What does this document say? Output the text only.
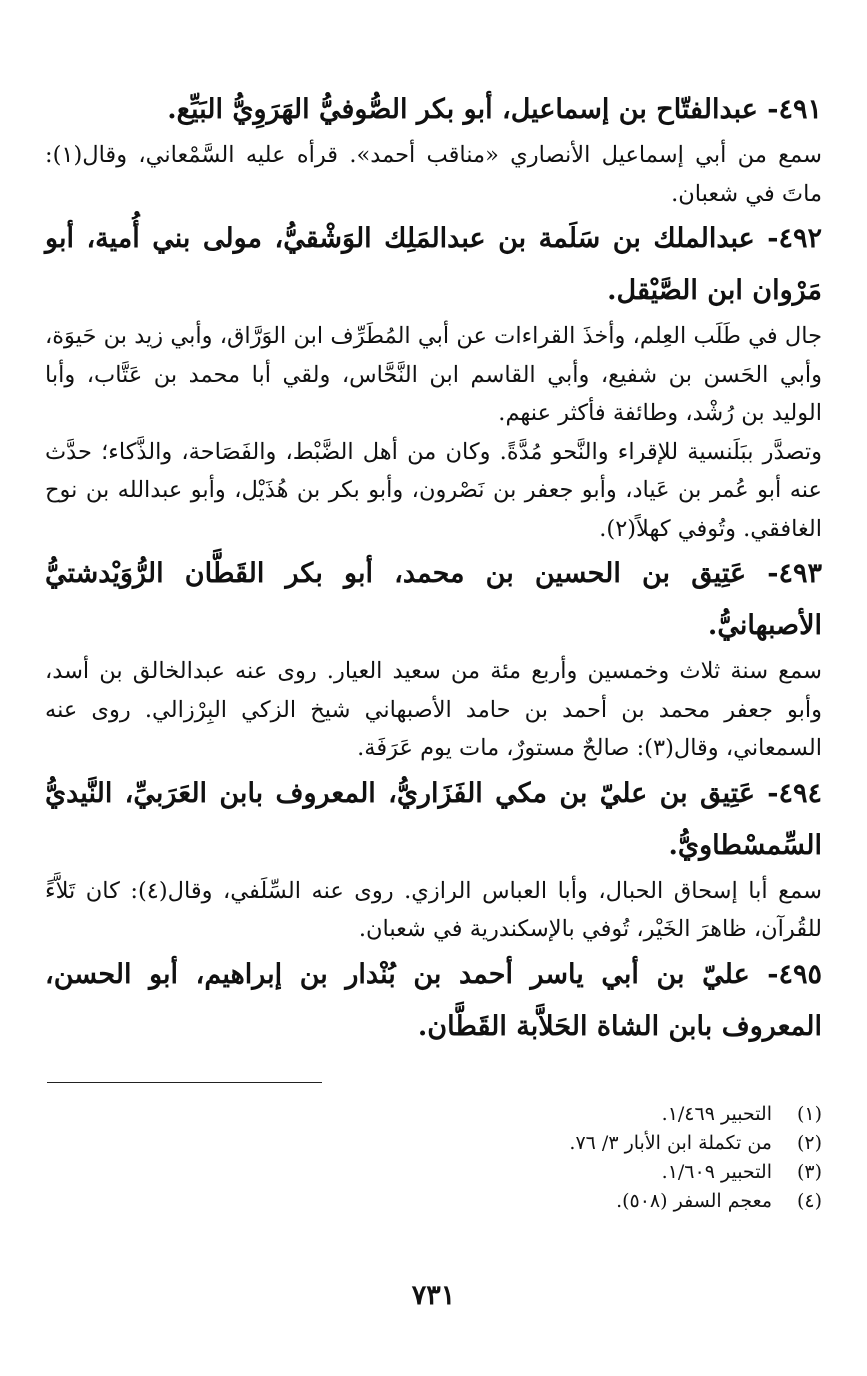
٤٩١- عبدالفتّاح بن إسماعيل، أبو بكر الصُّوفيُّ الهَرَوِيُّ البَيِّع.

سمع من أبي إسماعيل الأنصاري «مناقب أحمد». قرأه عليه السَّمْعاني، وقال(١): ماتَ في شعبان.

٤٩٢- عبدالملك بن سَلَمة بن عبدالمَلِك الوَشْقيُّ، مولى بني أُمية، أبو مَرْوان ابن الصَّيْقل.

جال في طَلَب العِلم، وأخذَ القراءات عن أبي المُطَرِّف ابن الوَرَّاق، وأبي زيد بن حَيوَة، وأبي الحَسن بن شفيع، وأبي القاسم ابن النَّحَّاس، ولقي أبا محمد بن عَتَّاب، وأبا الوليد بن رُشْد، وطائفة فأكثر عنهم.

وتصدَّر ببَلَنسية للإقراء والنَّحو مُدَّةً. وكان من أهل الضَّبْط، والفَصَاحة، والذَّكاء؛ حدَّث عنه أبو عُمر بن عَياد، وأبو جعفر بن نَصْرون، وأبو بكر بن هُذَيْل، وأبو عبدالله بن نوح الغافقي. وتُوفي كهلاً(٢).

٤٩٣- عَتِيق بن الحسين بن محمد، أبو بكر القَطَّان الرُّوَيْدشتيُّ الأصبهانيُّ.

سمع سنة ثلاث وخمسين وأربع مئة من سعيد العيار. روى عنه عبدالخالق بن أسد، وأبو جعفر محمد بن أحمد بن حامد الأصبهاني شيخ الزكي البِرْزالي. روى عنه السمعاني، وقال(٣): صالحٌ مستورٌ، مات يوم عَرَفَة.

٤٩٤- عَتِيق بن عليّ بن مكي الفَزَاريُّ، المعروف بابن العَرَبيِّ، النَّيديُّ السِّمسْطاويُّ.

سمع أبا إسحاق الحبال، وأبا العباس الرازي. روى عنه السِّلَفي، وقال(٤): كان تَلاَّءً للقُرآن، ظاهرَ الخَيْر، تُوفي بالإسكندرية في شعبان.

٤٩٥- عليّ بن أبي ياسر أحمد بن بُنْدار بن إبراهيم، أبو الحسن، المعروف بابن الشاة الحَلاَّبة القَطَّان.

(١)
التحبير ١/٤٦٩.

(٢)
من تكملة ابن الأبار ٣/ ٧٦.

(٣)
التحبير ١/٦٠٩.

(٤)
معجم السفر (٥٠٨).

٧٣١
